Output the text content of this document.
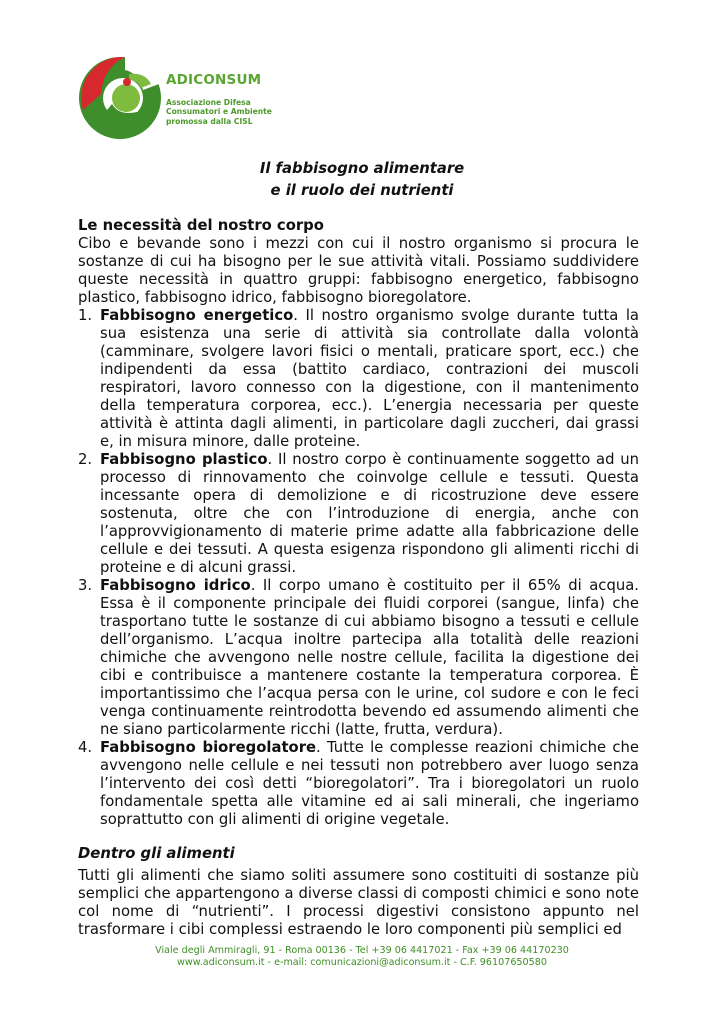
ADICONSUM
Associazione Difesa
Consumatori e Ambiente
promossa dalla CISL
Il fabbisogno alimentare
e il ruolo dei nutrienti

Le necessità del nostro corpo

Cibo e bevande sono i mezzi con cui il nostro organismo si procura le sostanze di cui ha bisogno per le sue attività vitali. Possiamo suddividere queste necessità in quattro gruppi: fabbisogno energetico, fabbisogno plastico, fabbisogno idrico, fabbisogno bioregolatore.

1. Fabbisogno energetico. Il nostro organismo svolge durante tutta la sua esistenza una serie di attività sia controllate dalla volontà (camminare, svolgere lavori fisici o mentali, praticare sport, ecc.) che indipendenti da essa (battito cardiaco, contrazioni dei muscoli respiratori, lavoro connesso con la digestione, con il mantenimento della temperatura corporea, ecc.). L’energia necessaria per queste attività è attinta dagli alimenti, in particolare dagli zuccheri, dai grassi e, in misura minore, dalle proteine.
2. Fabbisogno plastico. Il nostro corpo è continuamente soggetto ad un processo di rinnovamento che coinvolge cellule e tessuti. Questa incessante opera di demolizione e di ricostruzione deve essere sostenuta, oltre che con l’introduzione di energia, anche con l’approvvigionamento di materie prime adatte alla fabbricazione delle cellule e dei tessuti. A questa esigenza rispondono gli alimenti ricchi di proteine e di alcuni grassi.
3. Fabbisogno idrico. Il corpo umano è costituito per il 65% di acqua. Essa è il componente principale dei fluidi corporei (sangue, linfa) che trasportano tutte le sostanze di cui abbiamo bisogno a tessuti e cellule dell’organismo. L’acqua inoltre partecipa alla totalità delle reazioni chimiche che avvengono nelle nostre cellule, facilita la digestione dei cibi e contribuisce a mantenere costante la temperatura corporea. È importantissimo che l’acqua persa con le urine, col sudore e con le feci venga continuamente reintrodotta bevendo ed assumendo alimenti che ne siano particolarmente ricchi (latte, frutta, verdura).
4. Fabbisogno bioregolatore. Tutte le complesse reazioni chimiche che avvengono nelle cellule e nei tessuti non potrebbero aver luogo senza l’intervento dei così detti “bioregolatori”. Tra i bioregolatori un ruolo fondamentale spetta alle vitamine ed ai sali minerali, che ingeriamo soprattutto con gli alimenti di origine vegetale.

Dentro gli alimenti

Tutti gli alimenti che siamo soliti assumere sono costituiti di sostanze più semplici che appartengono a diverse classi di composti chimici e sono note col nome di “nutrienti”. I processi digestivi consistono appunto nel trasformare i cibi complessi estraendo le loro componenti più semplici ed

Viale degli Ammiragli, 91 - Roma 00136 - Tel +39 06 4417021 - Fax +39 06 44170230
www.adiconsum.it - e-mail: comunicazioni@adiconsum.it - C.F. 96107650580
